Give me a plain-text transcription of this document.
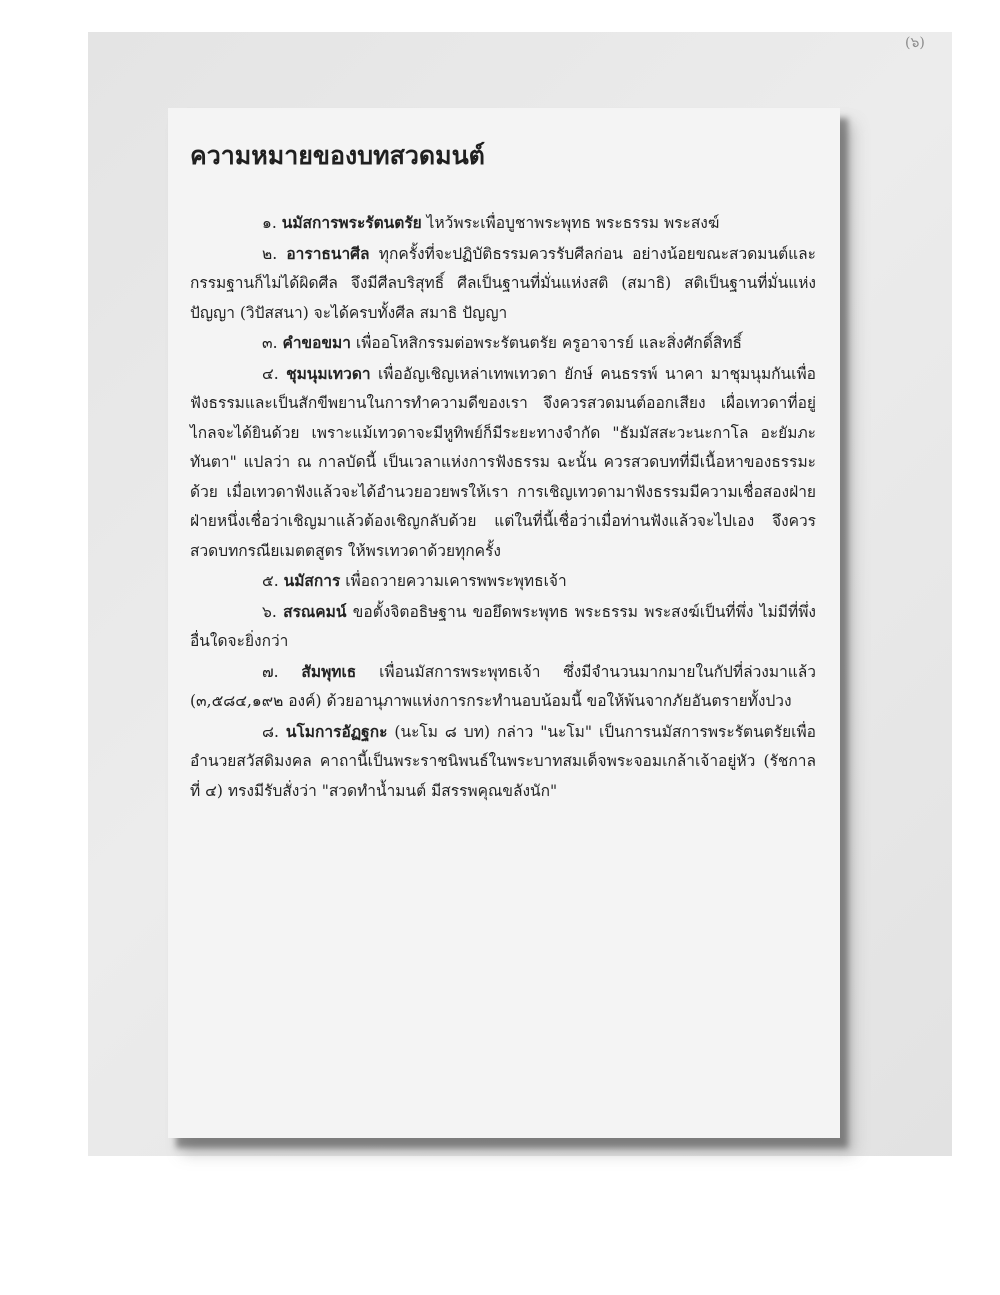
(๖)
ความหมายของบทสวดมนต์

๑. นมัสการพระรัตนตรัย ไหว้พระเพื่อบูชาพระพุทธ พระธรรม พระสงฆ์

๒. อาราธนาศีล ทุกครั้งที่จะปฏิบัติธรรมควรรับศีลก่อน อย่างน้อยขณะสวดมนต์และกรรมฐานก็ไม่ได้ผิดศีล จึงมีศีลบริสุทธิ์ ศีลเป็นฐานที่มั่นแห่งสติ (สมาธิ) สติเป็นฐานที่มั่นแห่งปัญญา (วิปัสสนา) จะได้ครบทั้งศีล สมาธิ ปัญญา

๓. คำขอขมา เพื่ออโหสิกรรมต่อพระรัตนตรัย ครูอาจารย์ และสิ่งศักดิ์สิทธิ์

๔. ชุมนุมเทวดา เพื่ออัญเชิญเหล่าเทพเทวดา ยักษ์ คนธรรพ์ นาคา มาชุมนุมกันเพื่อฟังธรรมและเป็นสักขีพยานในการทำความดีของเรา จึงควรสวดมนต์ออกเสียง เผื่อเทวดาที่อยู่ไกลจะได้ยินด้วย เพราะแม้เทวดาจะมีหูทิพย์ก็มีระยะทางจำกัด "ธัมมัสสะวะนะกาโล อะยัมภะทันตา" แปลว่า ณ กาลบัดนี้ เป็นเวลาแห่งการฟังธรรม ฉะนั้น ควรสวดบทที่มีเนื้อหาของธรรมะด้วย เมื่อเทวดาฟังแล้วจะได้อำนวยอวยพรให้เรา การเชิญเทวดามาฟังธรรมมีความเชื่อสองฝ่าย ฝ่ายหนึ่งเชื่อว่าเชิญมาแล้วต้องเชิญกลับด้วย แต่ในที่นี้เชื่อว่าเมื่อท่านฟังแล้วจะไปเอง จึงควรสวดบทกรณียเมตตสูตร ให้พรเทวดาด้วยทุกครั้ง

๕. นมัสการ เพื่อถวายความเคารพพระพุทธเจ้า

๖. สรณคมน์ ขอตั้งจิตอธิษฐาน ขอยึดพระพุทธ พระธรรม พระสงฆ์เป็นที่พึ่ง ไม่มีที่พึ่งอื่นใดจะยิ่งกว่า

๗. สัมพุทเธ เพื่อนมัสการพระพุทธเจ้า ซึ่งมีจำนวนมากมายในกัปที่ล่วงมาแล้ว (๓,๕๘๔,๑๙๒ องค์) ด้วยอานุภาพแห่งการกระทำนอบน้อมนี้ ขอให้พ้นจากภัยอันตรายทั้งปวง

๘. นโมการอัฏฐกะ (นะโม ๘ บท) กล่าว "นะโม" เป็นการนมัสการพระรัตนตรัยเพื่ออำนวยสวัสดิมงคล คาถานี้เป็นพระราชนิพนธ์ในพระบาทสมเด็จพระจอมเกล้าเจ้าอยู่หัว (รัชกาลที่ ๔) ทรงมีรับสั่งว่า "สวดทำน้ำมนต์ มีสรรพคุณขลังนัก"
